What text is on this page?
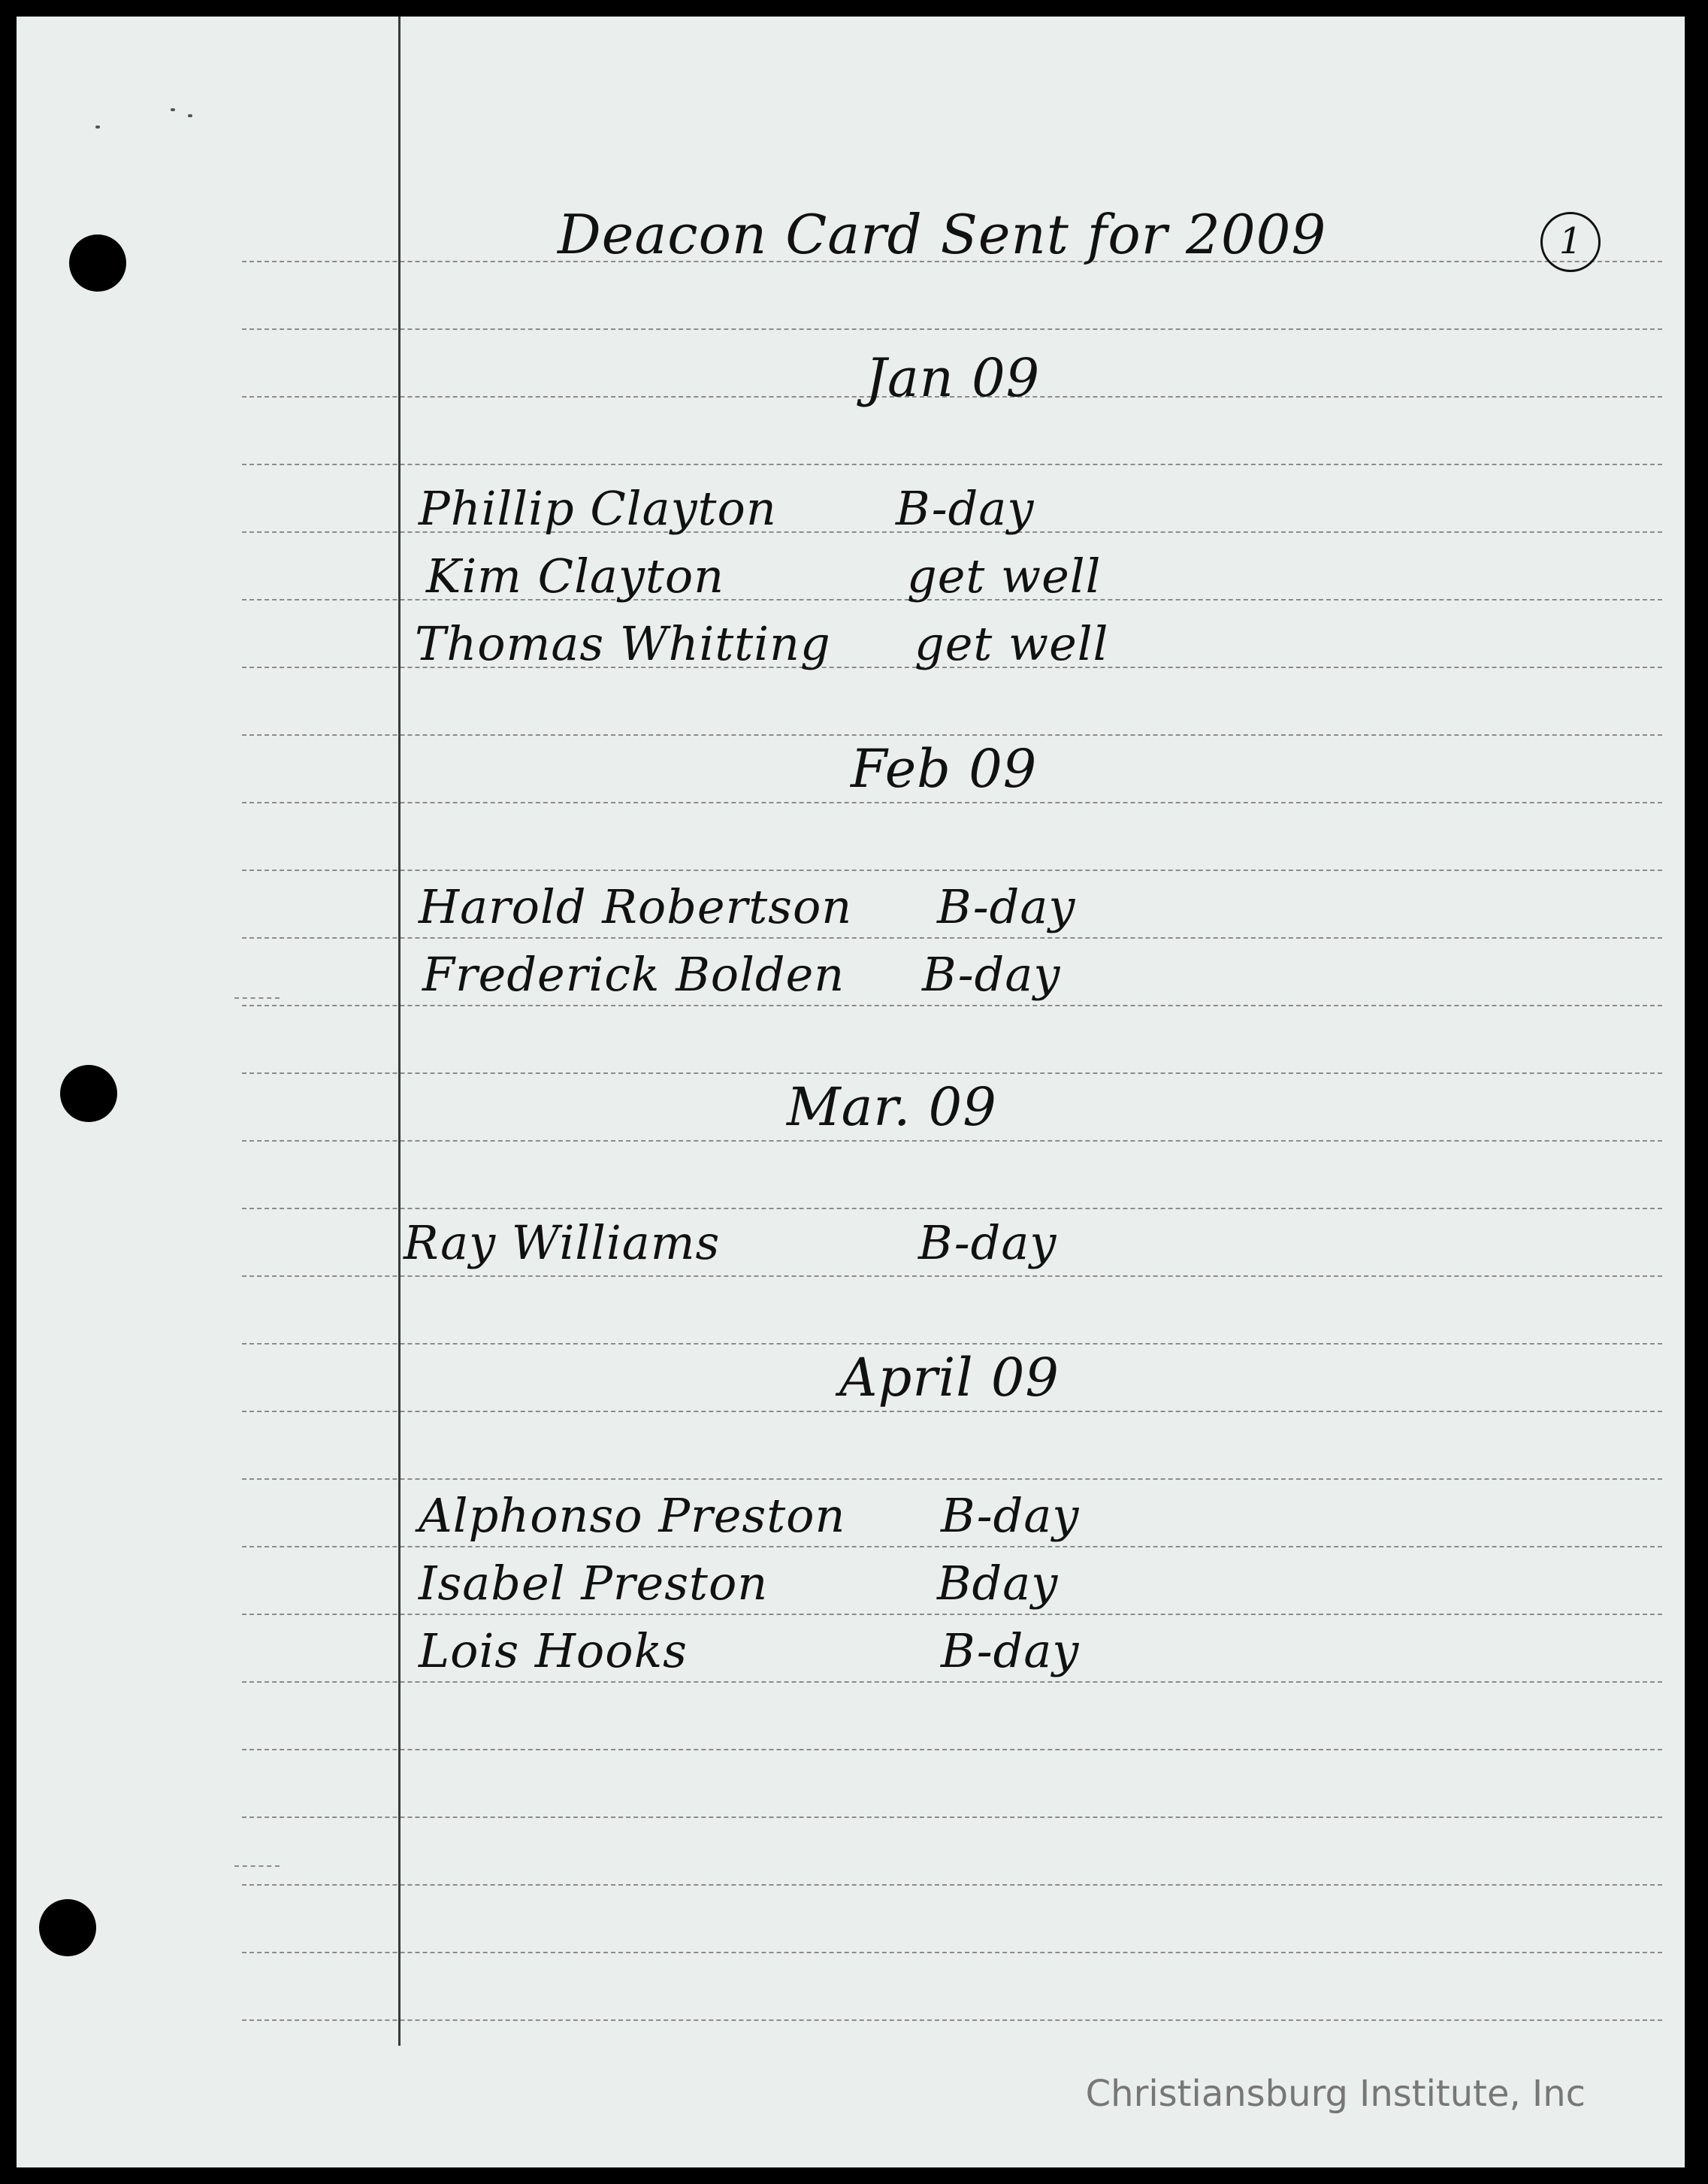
Deacon Card Sent for 2009	1
Jan 09
Phillip Clayton	B-day
Kim Clayton	get well
Thomas Whitting get well
Feb 09
Harold Robertson B-day
Frederick Bolden B-day
Mar. 09
Ray Williams	B-day
April 09
Alphonso Preston B-day
Isabel Preston	Bday
Lois Hooks	B-day
Christiansburg Institute, Inc
